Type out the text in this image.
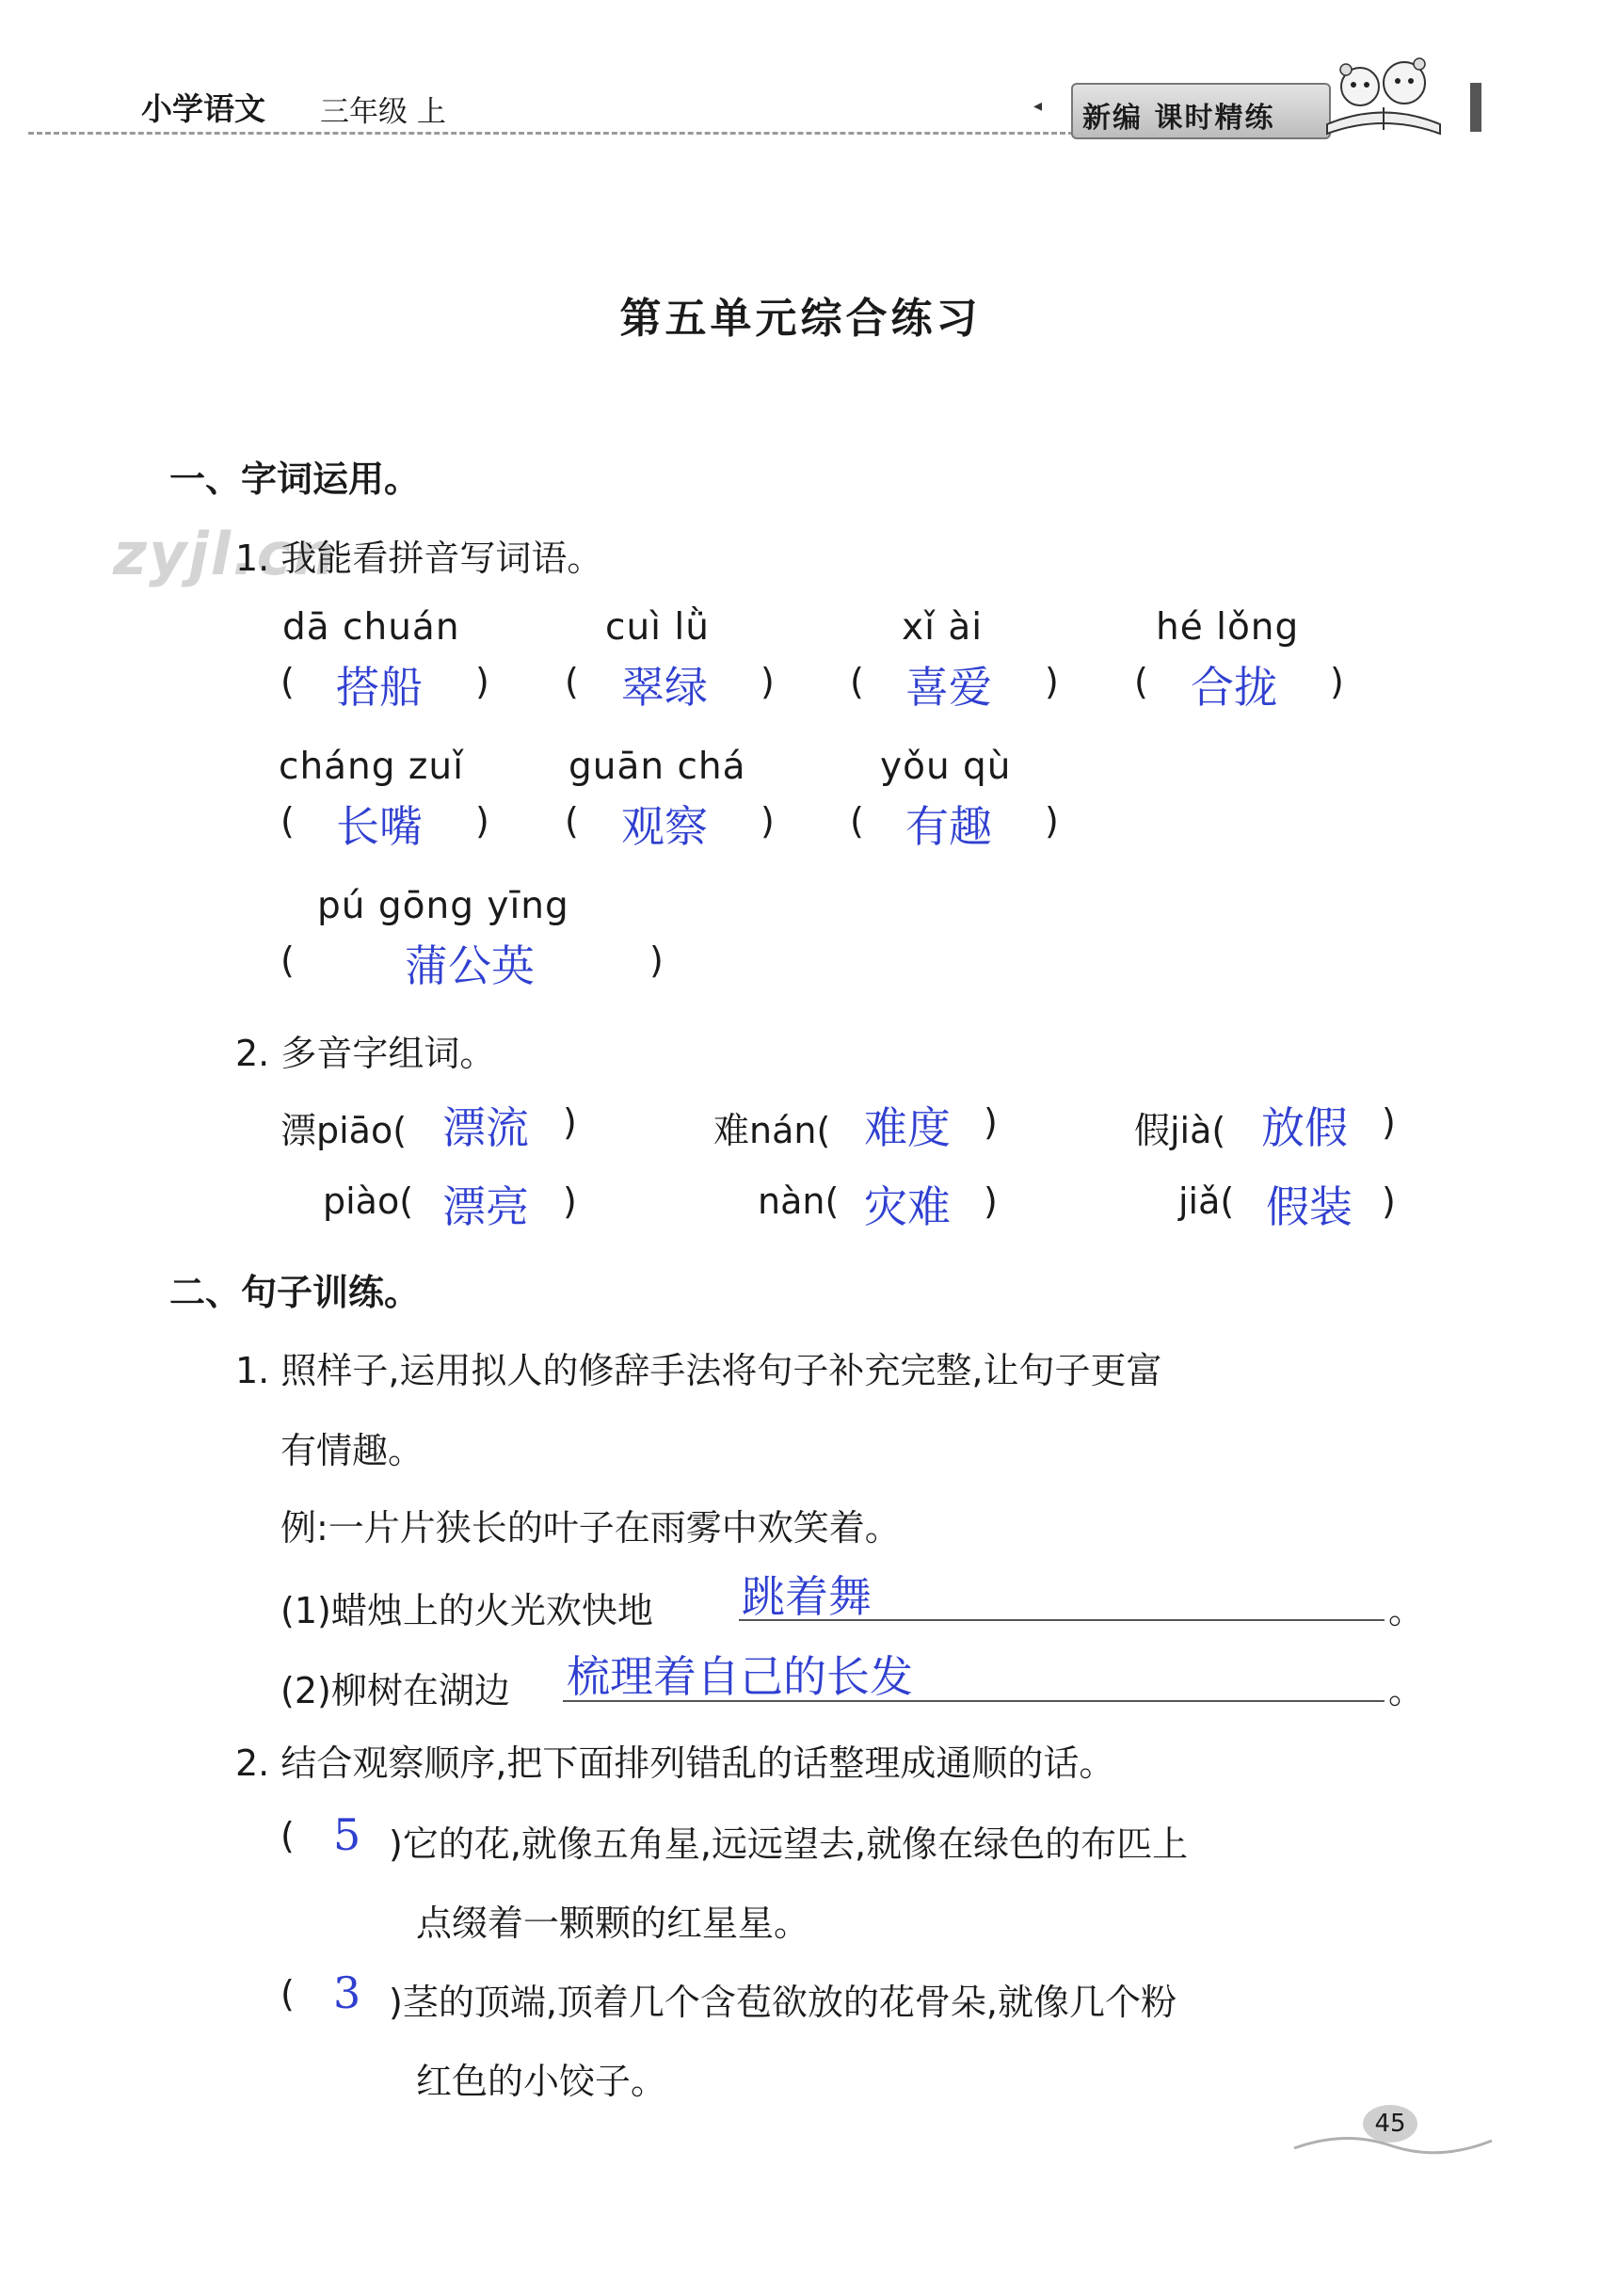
小学语文 三年级 上	◂ 新编 课时精练
zyjl.cn
第五单元综合练习
一、字词运用。
1. 我能看拼音写词语。
dā chuán	cuì lǜ	xǐ ài	hé lǒng
( 搭船 ) ( 翠绿 ) ( 喜爱 ) ( 合拢 )
cháng zuǐ	guān chá	yǒu qù
( 长嘴 ) ( 观察 ) ( 有趣 )
pú gōng yīng
(	蒲公英	)
2. 多音字组词。
漂piāo( 漂流 )	难nán( 难度 )	假jià( 放假 )
piào( 漂亮 )	nàn( 灾难 )	jiǎ( 假装 )
二、句子训练。
1. 照样子,运用拟人的修辞手法将句子补充完整,让句子更富
有情趣。
例:一片片狭长的叶子在雨雾中欢笑着。
(1)蜡烛上的火光欢快地 跳着舞	。
(2)柳树在湖边 梳理着自己的长发	。
2. 结合观察顺序,把下面排列错乱的话整理成通顺的话。
( 5 )它的花,就像五角星,远远望去,就像在绿色的布匹上
点缀着一颗颗的红星星。
( 3 )茎的顶端,顶着几个含苞欲放的花骨朵,就像几个粉
红色的小饺子。
45
